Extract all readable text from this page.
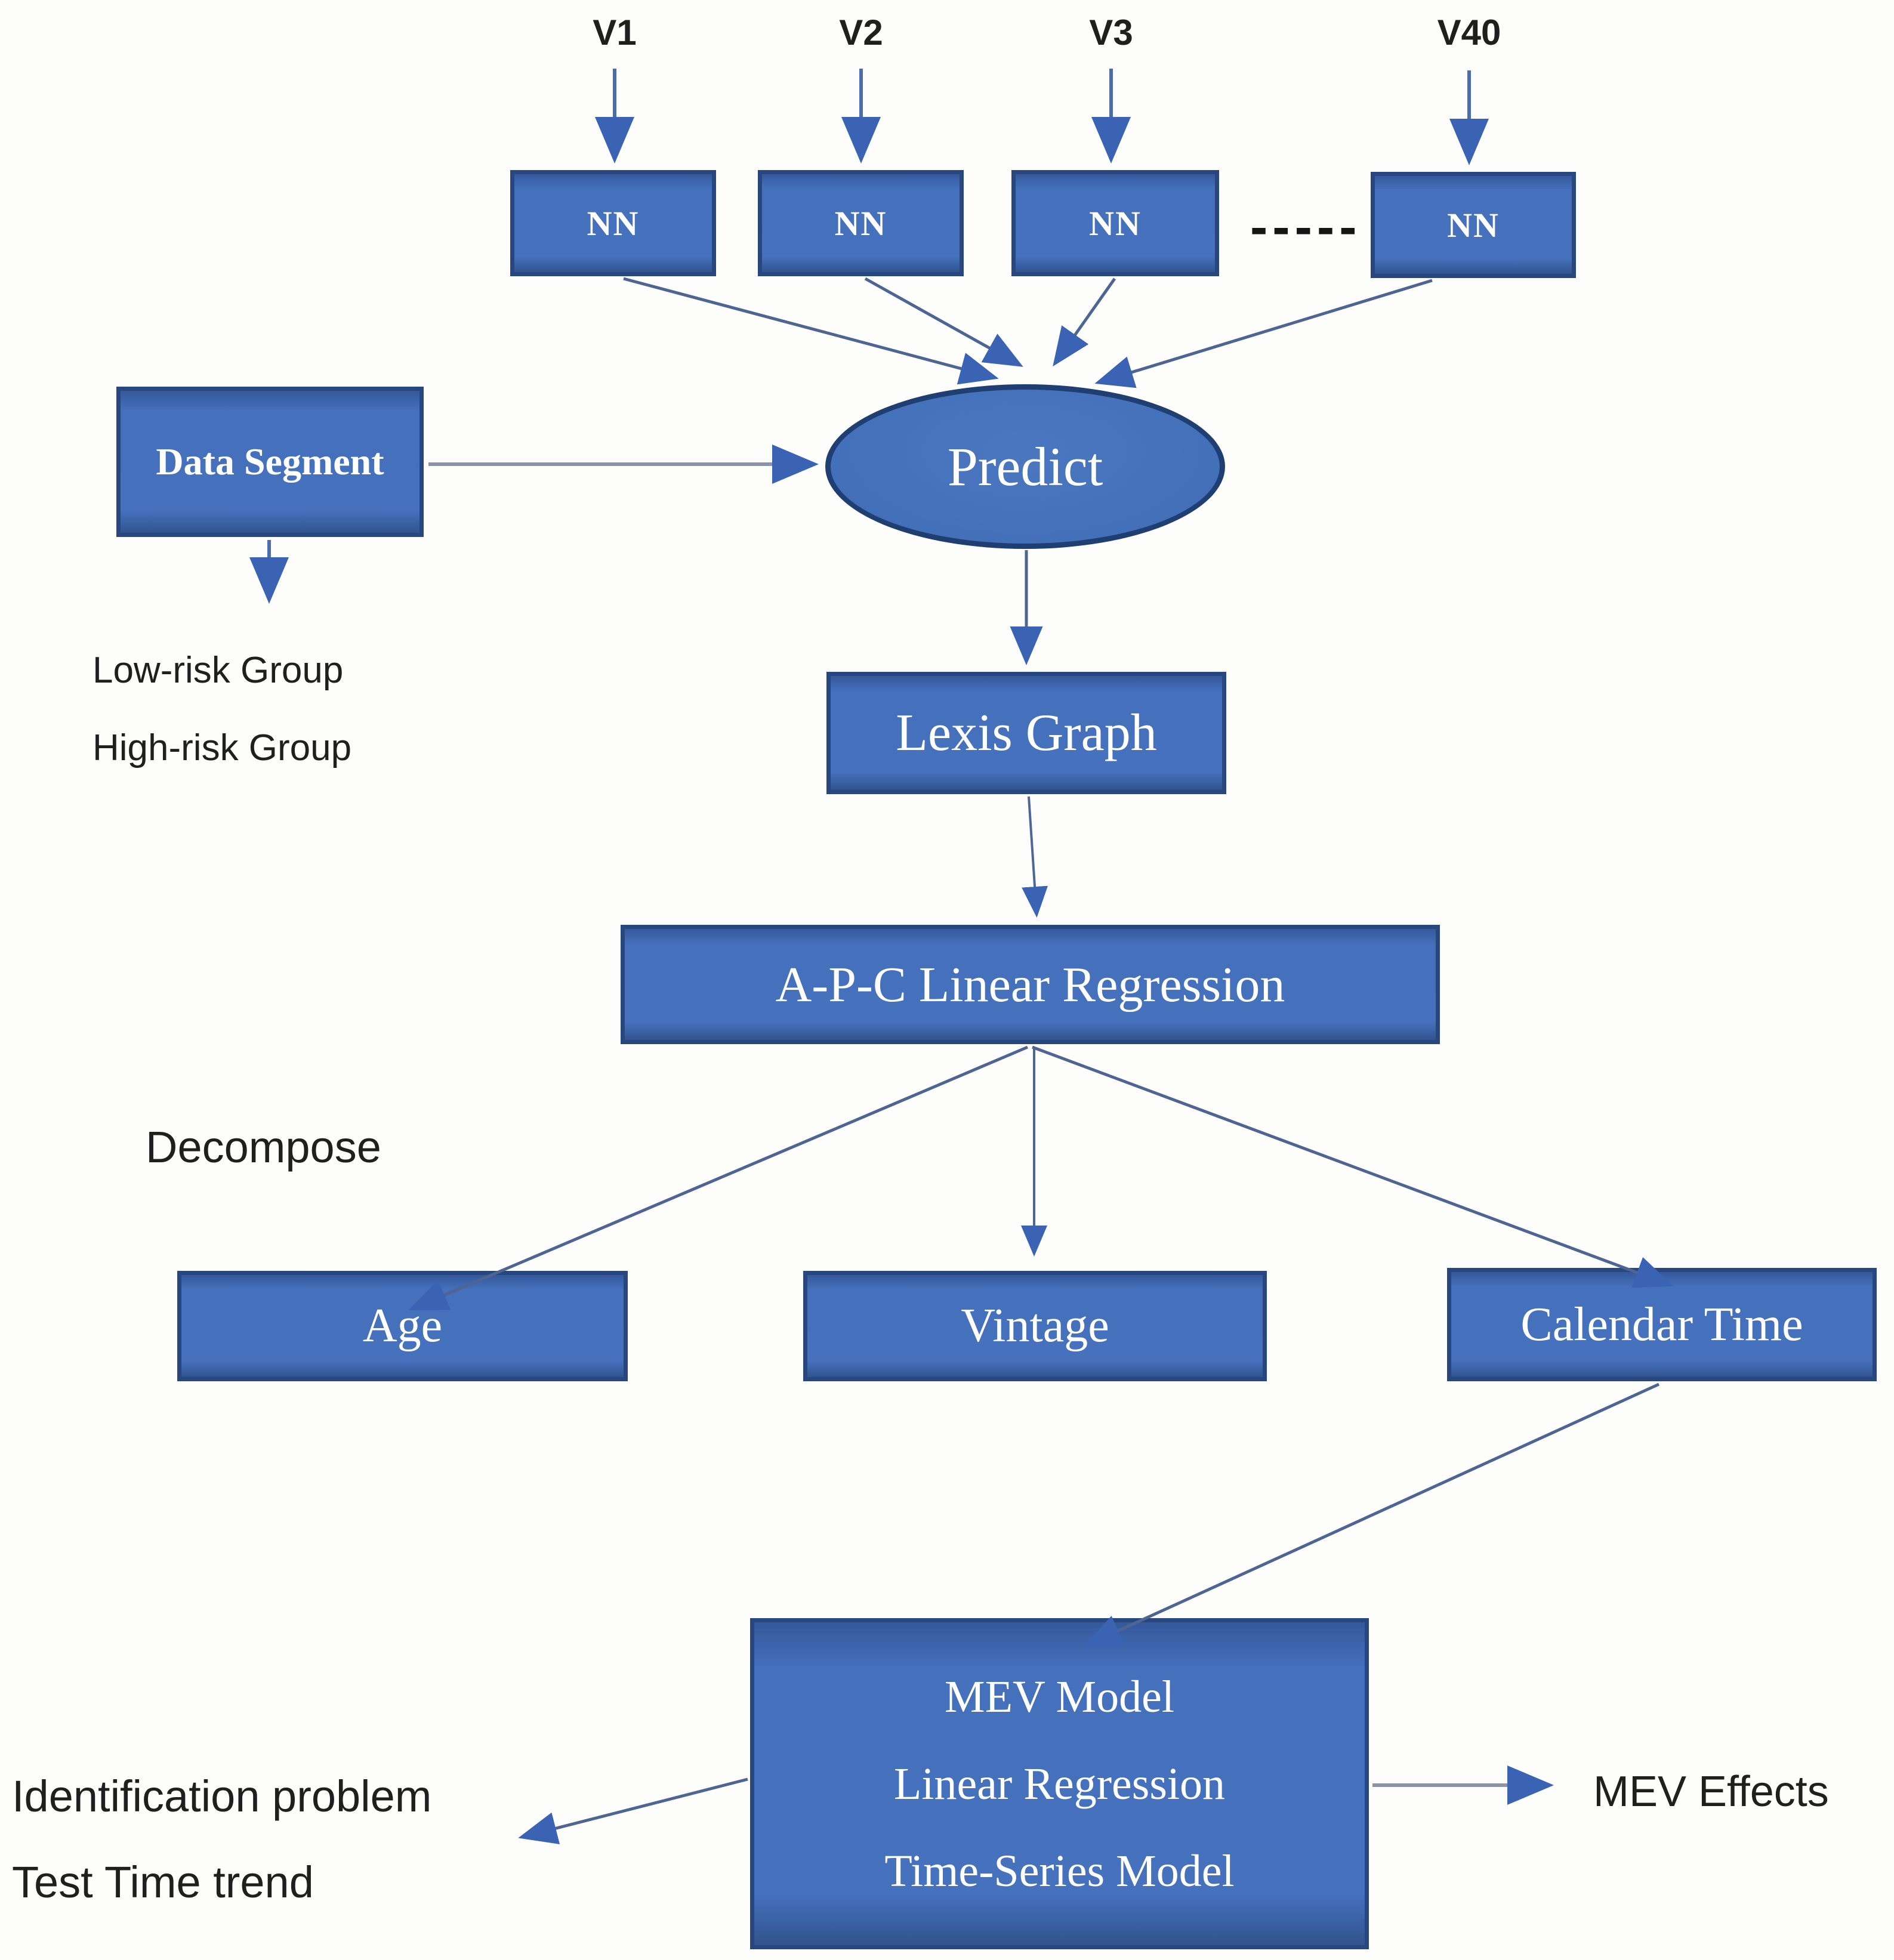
V1	V2	V3	V40
NN	NN	NN	NN
-----
Data Segment	Predict
Low-risk Group
High-risk Group	Lexis Graph
A-P-C Linear Regression
Decompose
Age	Vintage	Calendar Time
MEV Model
Linear Regression
Time-Series Model
Identification problem
Test Time trend
MEV Effects
